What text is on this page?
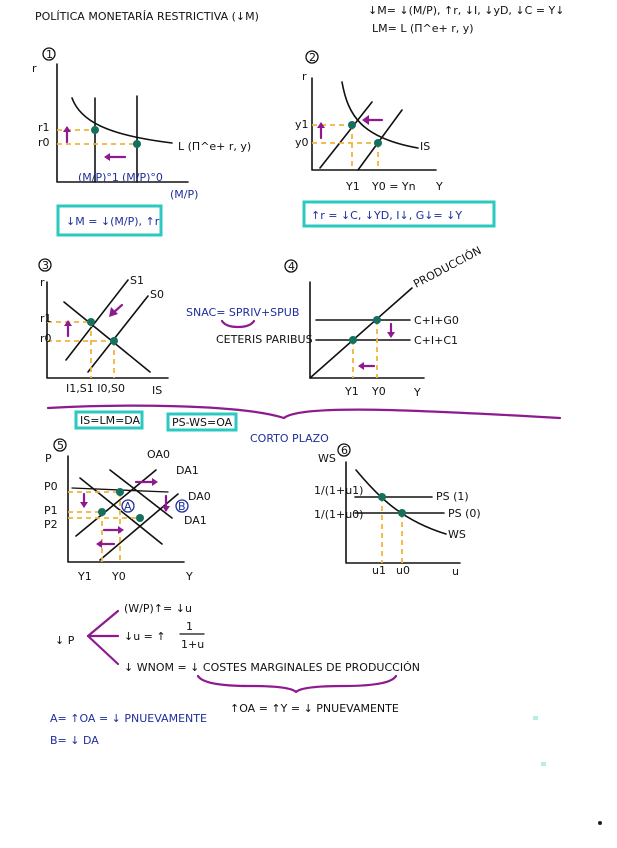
POLÍTICA MONETARÍA RESTRICTIVA (↓M)	↓M= ↓(M/P), ↑r, ↓I, ↓yD, ↓C = Y↓
LM= L (Π^e+ r, y)
1
r
r1
r0	L (Π^e+ r, y)
(M/P)°1 (M/P)°0
(M/P)
↓M = ↓(M/P), ↑r
2
r
y1
y0	IS
Y1 Y0 = Yn Y
↑r = ↓C, ↓YD, I↓, G↓= ↓Y
3
r
r1
r0
S1
S0
I1,S1 I0,S0 IS
SNAC= SPRIV+SPUB
CETERIS PARIBUS
4	PRODUCCIÓN
C+I+G0
C+I+C1
Y1 Y0	Y
IS=LM=DA	PS-WS=OA
CORTO PLAZO
5
P
P0
P1
P2
OA0
DA1
DA0
DA1
A	B
Y1 Y0	Y
6
WS
1/(1+u1)
1/(1+u0)
PS (1)
PS (0)
WS
u1 u0	u
↓ P
(W/P)↑= ↓u
↓u = ↑
1
1+u
↓ WNOM = ↓ COSTES MARGINALES DE PRODUCCIÓN
↑OA = ↑Y = ↓ PNUEVAMENTE
A= ↑OA = ↓ PNUEVAMENTE
B= ↓ DA
